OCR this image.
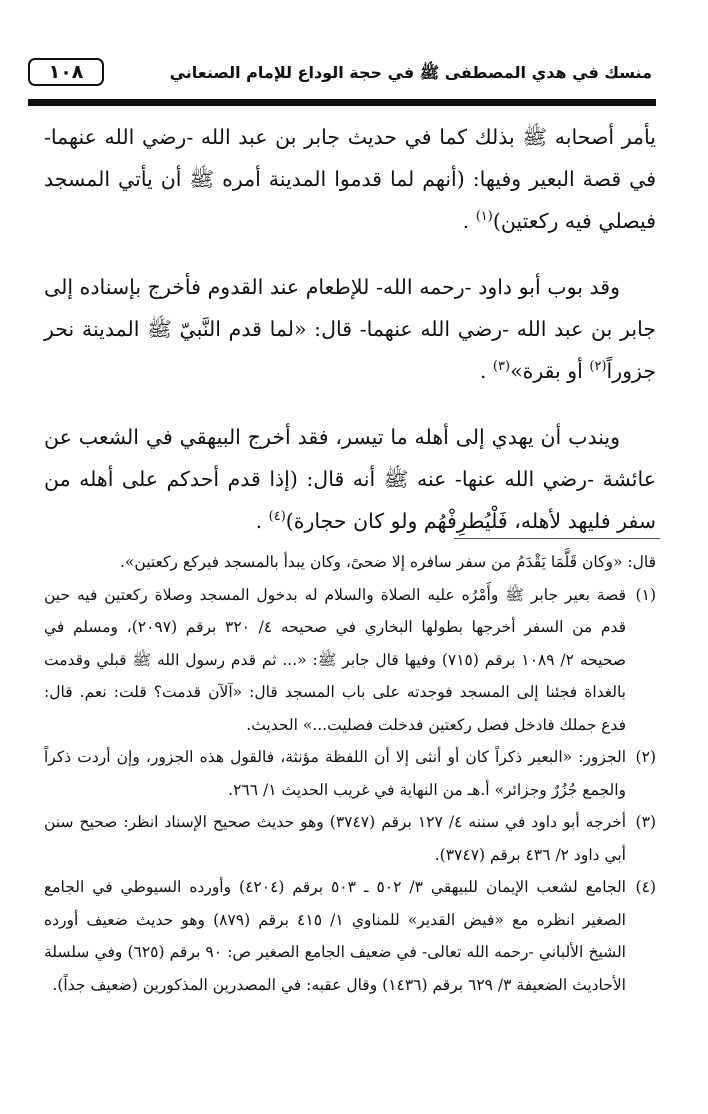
١٠٨	منسك في هدي المصطفى ﷺ في حجة الوداع للإمام الصنعاني

يأمر أصحابه ﷺ بذلك كما في حديث جابر بن عبد الله -رضي الله عنهما- في قصة البعير وفيها: (أنهم لما قدموا المدينة أمره ﷺ أن يأتي المسجد فيصلي فيه ركعتين)$^{(١)}$ .

وقد بوب أبو داود -رحمه الله- للإطعام عند القدوم فأخرج بإسناده إلى جابر بن عبد الله -رضي الله عنهما- قال: «لما قدم النَّبيّ ﷺ المدينة نحر جزوراً$^{(٢)}$ أو بقرة»$^{(٣)}$ .

ويندب أن يهدي إلى أهله ما تيسر، فقد أخرج البيهقي في الشعب عن عائشة -رضي الله عنها- عنه ﷺ أنه قال: (إذا قدم أحدكم على أهله من سفر فليهد لأهله، فَلْيُطرِفْهُم ولو كان حجارة)$^{(٤)}$ .

قال: «وكان قَلَّمَا يَقْدَمُ من سفر سافره إلا ضحىً، وكان يبدأ بالمسجد فيركع ركعتين».

(١)
قصة بعير جابر ﷺ وأَمْرُه عليه الصلاة والسلام له بدخول المسجد وصلاة ركعتين فيه حين قدم من السفر أخرجها بطولها البخاري في صحيحه ٤/ ٣٢٠ برقم (٢٠٩٧)، ومسلم في صحيحه ٢/ ١٠٨٩ برقم (٧١٥) وفيها قال جابر ﷺ: «... ثم قدم رسول الله ﷺ قبلي وقدمت بالغداة فجئنا إلى المسجد فوجدته على باب المسجد قال: «آلآن قدمت؟ قلت: نعم. قال: فدع جملك فادخل فصل ركعتين فدخلت فصليت...» الحديث.

(٢)
الجزور: «البعير ذكراً كان أو أنثى إلا أن اللفظة مؤنثة، فالقول هذه الجزور، وإن أردت ذكراً والجمع جُزُرٌ وجزائر» أ.هـ من النهاية في غريب الحديث ١/ ٢٦٦.

(٣)
أخرجه أبو داود في سننه ٤/ ١٢٧ برقم (٣٧٤٧) وهو حديث صحيح الإسناد انظر: صحيح سنن أبي داود ٢/ ٤٣٦ برقم (٣٧٤٧).

(٤)
الجامع لشعب الإيمان للبيهقي ٣/ ٥٠٢ ـ ٥٠٣ برقم (٤٢٠٤) وأورده السيوطي في الجامع الصغير انظره مع «فيض القدير» للمناوي ١/ ٤١٥ برقم (٨٧٩) وهو حديث ضعيف أورده الشيخ الألباني -رحمه الله تعالى- في ضعيف الجامع الصغير ص: ٩٠ برقم (٦٢٥) وفي سلسلة الأحاديث الضعيفة ٣/ ٦٢٩ برقم (١٤٣٦) وقال عقبه: في المصدرين المذكورين (ضعيف جداً).
